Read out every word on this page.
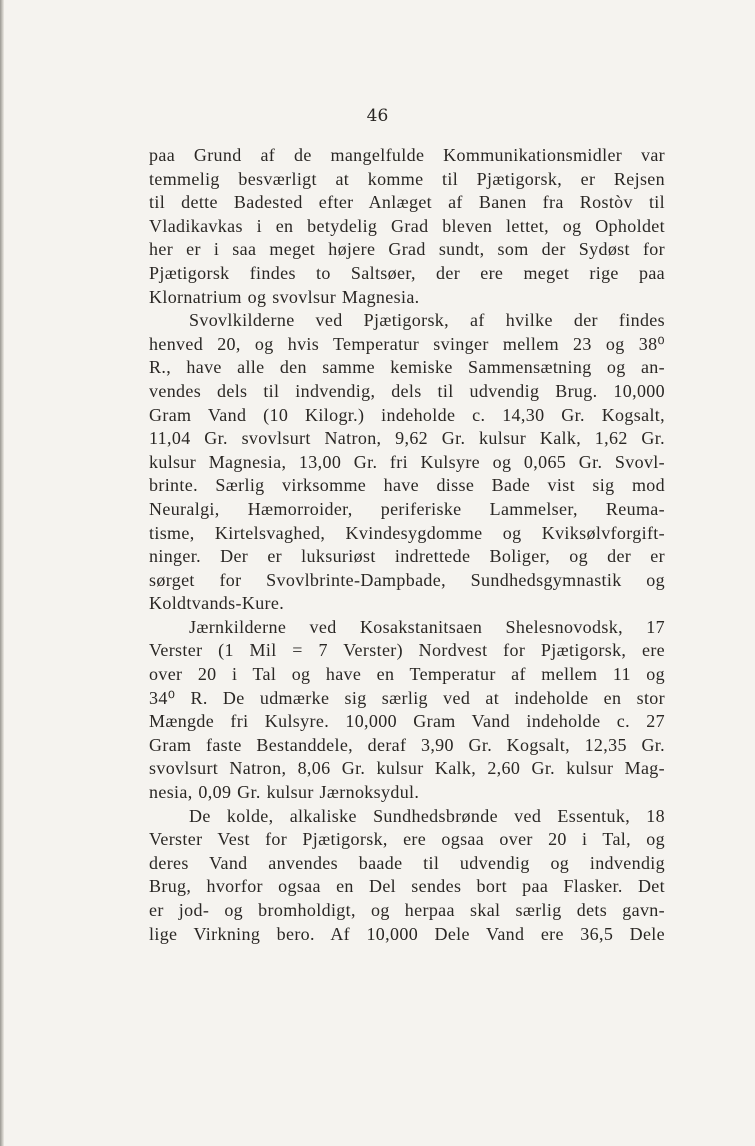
46
paa Grund af de mangelfulde Kommunikationsmidler var
temmelig besværligt at komme til Pjætigorsk, er Rejsen
til dette Badested efter Anlæget af Banen fra Rostòv til
Vladikavkas i en betydelig Grad bleven lettet, og Opholdet
her er i saa meget højere Grad sundt, som der Sydøst for
Pjætigorsk findes to Saltsøer, der ere meget rige paa
Klornatrium og svovlsur Magnesia.
Svovlkilderne ved Pjætigorsk, af hvilke der findes
henved 20, og hvis Temperatur svinger mellem 23 og 38⁰
R., have alle den samme kemiske Sammensætning og an-
vendes dels til indvendig, dels til udvendig Brug. 10,000
Gram Vand (10 Kilogr.) indeholde c. 14,30 Gr. Kogsalt,
11,04 Gr. svovlsurt Natron, 9,62 Gr. kulsur Kalk, 1,62 Gr.
kulsur Magnesia, 13,00 Gr. fri Kulsyre og 0,065 Gr. Svovl-
brinte. Særlig virksomme have disse Bade vist sig mod
Neuralgi, Hæmorroider, periferiske Lammelser, Reuma-
tisme, Kirtelsvaghed, Kvindesygdomme og Kviksølvforgift-
ninger. Der er luksuriøst indrettede Boliger, og der er
sørget for Svovlbrinte-Dampbade, Sundhedsgymnastik og
Koldtvands-Kure.
Jærnkilderne ved Kosakstanitsaen Shelesnovodsk, 17
Verster (1 Mil = 7 Verster) Nordvest for Pjætigorsk, ere
over 20 i Tal og have en Temperatur af mellem 11 og
34⁰ R. De udmærke sig særlig ved at indeholde en stor
Mængde fri Kulsyre. 10,000 Gram Vand indeholde c. 27
Gram faste Bestanddele, deraf 3,90 Gr. Kogsalt, 12,35 Gr.
svovlsurt Natron, 8,06 Gr. kulsur Kalk, 2,60 Gr. kulsur Mag-
nesia, 0,09 Gr. kulsur Jærnoksydul.
De kolde, alkaliske Sundhedsbrønde ved Essentuk, 18
Verster Vest for Pjætigorsk, ere ogsaa over 20 i Tal, og
deres Vand anvendes baade til udvendig og indvendig
Brug, hvorfor ogsaa en Del sendes bort paa Flasker. Det
er jod- og bromholdigt, og herpaa skal særlig dets gavn-
lige Virkning bero. Af 10,000 Dele Vand ere 36,5 Dele
